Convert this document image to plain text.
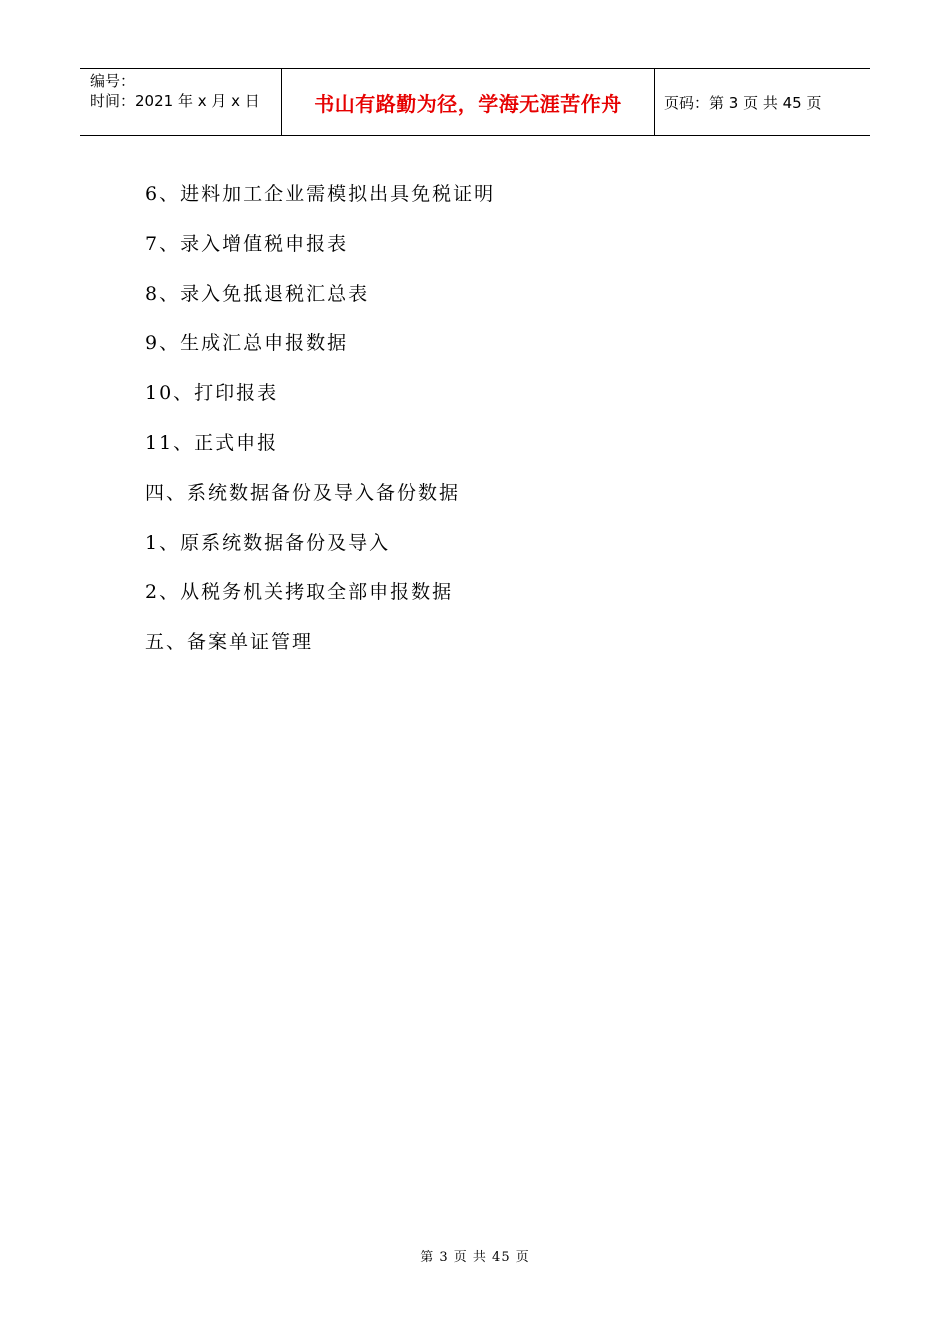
编号：
时间：2021 年 x 月 x 日	书山有路勤为径，学海无涯苦作舟	页码：第 3 页 共 45 页
6、进料加工企业需模拟出具免税证明
7、录入增值税申报表
8、录入免抵退税汇总表
9、生成汇总申报数据
10、打印报表
11、正式申报
四、系统数据备份及导入备份数据
1、原系统数据备份及导入
2、从税务机关拷取全部申报数据
五、备案单证管理
第 3 页 共 45 页
